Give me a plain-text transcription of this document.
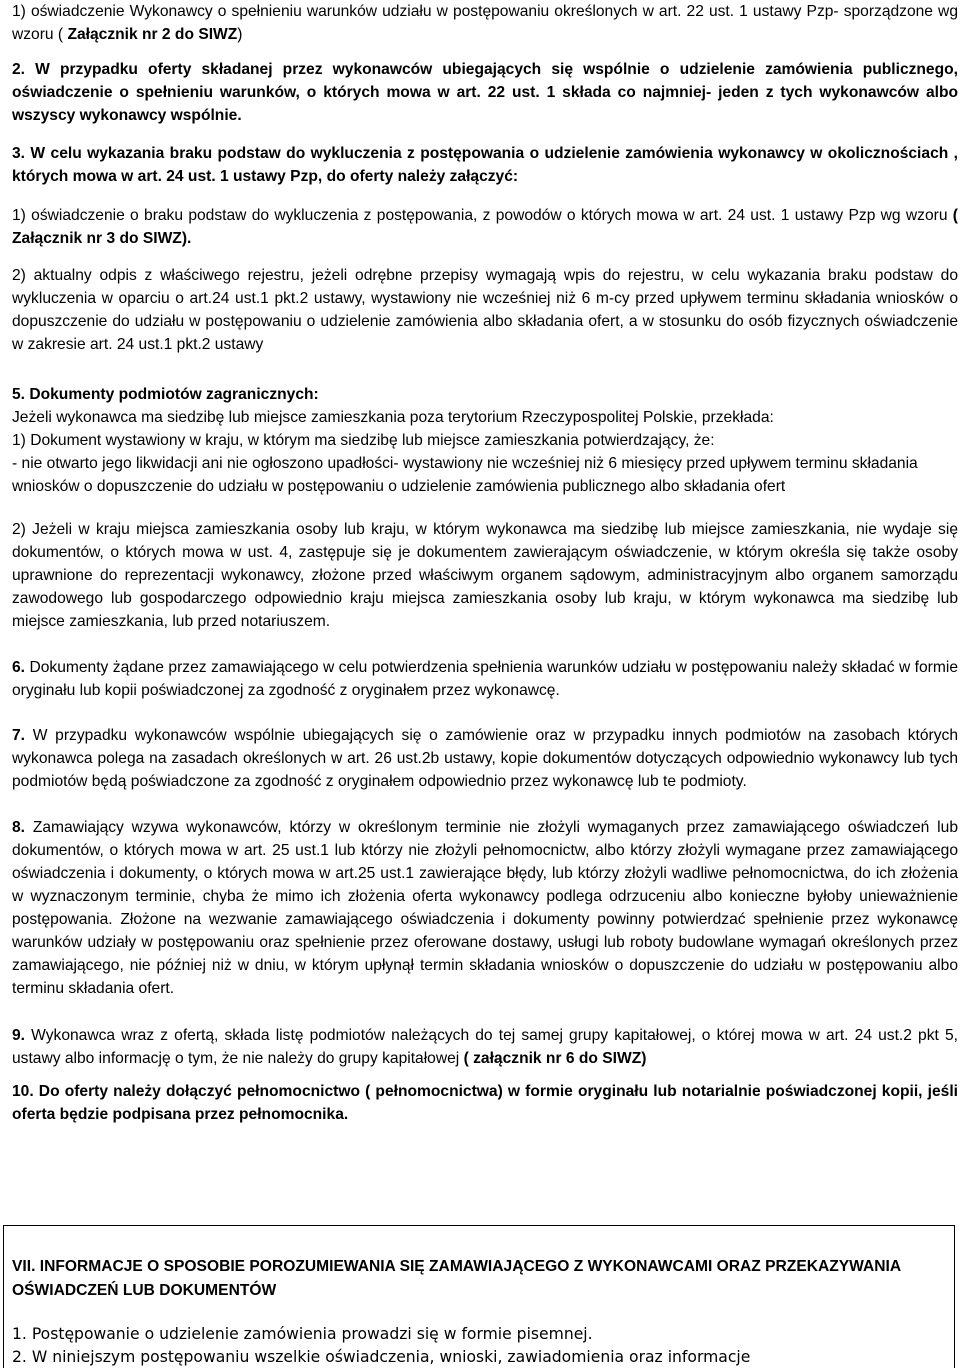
1) oświadczenie Wykonawcy o spełnieniu warunków udziału w postępowaniu określonych w art. 22 ust. 1 ustawy Pzp- sporządzone wg wzoru ( Załącznik nr 2 do SIWZ)

2. W przypadku oferty składanej przez wykonawców ubiegających się wspólnie o udzielenie zamówienia publicznego, oświadczenie o spełnieniu warunków, o których mowa w art. 22 ust. 1 składa co najmniej- jeden z tych wykonawców albo wszyscy wykonawcy wspólnie.

3. W celu wykazania braku podstaw do wykluczenia z postępowania o udzielenie zamówienia wykonawcy w okolicznościach , których mowa w art. 24 ust. 1 ustawy Pzp, do oferty należy załączyć:

1) oświadczenie o braku podstaw do wykluczenia z postępowania, z powodów o których mowa w art. 24 ust. 1 ustawy Pzp wg wzoru ( Załącznik nr 3 do SIWZ).

2) aktualny odpis z właściwego rejestru, jeżeli odrębne przepisy wymagają wpis do rejestru, w celu wykazania braku podstaw do wykluczenia w oparciu o art.24 ust.1 pkt.2 ustawy, wystawiony nie wcześniej niż 6 m-cy przed upływem terminu składania wniosków o dopuszczenie do udziału w postępowaniu o udzielenie zamówienia albo składania ofert, a w stosunku do osób fizycznych oświadczenie w zakresie art. 24 ust.1 pkt.2 ustawy

5. Dokumenty podmiotów zagranicznych:
Jeżeli wykonawca ma siedzibę lub miejsce zamieszkania poza terytorium Rzeczypospolitej Polskie, przekłada:
1) Dokument wystawiony w kraju, w którym ma siedzibę lub miejsce zamieszkania potwierdzający, że:
- nie otwarto jego likwidacji ani nie ogłoszono upadłości- wystawiony nie wcześniej niż 6 miesięcy przed upływem terminu składania wniosków o dopuszczenie do udziału w postępowaniu o udzielenie zamówienia publicznego albo składania ofert

2) Jeżeli w kraju miejsca zamieszkania osoby lub kraju, w którym wykonawca ma siedzibę lub miejsce zamieszkania, nie wydaje się dokumentów, o których mowa w ust. 4, zastępuje się je dokumentem zawierającym oświadczenie, w którym określa się także osoby uprawnione do reprezentacji wykonawcy, złożone przed właściwym organem sądowym, administracyjnym albo organem samorządu zawodowego lub gospodarczego odpowiednio kraju miejsca zamieszkania osoby lub kraju, w którym wykonawca ma siedzibę lub miejsce zamieszkania, lub przed notariuszem.

6. Dokumenty żądane przez zamawiającego w celu potwierdzenia spełnienia warunków udziału w postępowaniu należy składać w formie oryginału lub kopii poświadczonej za zgodność z oryginałem przez wykonawcę.

7. W przypadku wykonawców wspólnie ubiegających się o zamówienie oraz w przypadku innych podmiotów na zasobach których wykonawca polega na zasadach określonych w art. 26 ust.2b ustawy, kopie dokumentów dotyczących odpowiednio wykonawcy lub tych podmiotów będą poświadczone za zgodność z oryginałem odpowiednio przez wykonawcę lub te podmioty.

8. Zamawiający wzywa wykonawców, którzy w określonym terminie nie złożyli wymaganych przez zamawiającego oświadczeń lub dokumentów, o których mowa w art. 25 ust.1 lub którzy nie złożyli pełnomocnictw, albo którzy złożyli wymagane przez zamawiającego oświadczenia i dokumenty, o których mowa w art.25 ust.1 zawierające błędy, lub którzy złożyli wadliwe pełnomocnictwa, do ich złożenia w wyznaczonym terminie, chyba że mimo ich złożenia oferta wykonawcy podlega odrzuceniu albo konieczne byłoby unieważnienie postępowania. Złożone na wezwanie zamawiającego oświadczenia i dokumenty powinny potwierdzać spełnienie przez wykonawcę warunków udziały w postępowaniu oraz spełnienie przez oferowane dostawy, usługi lub roboty budowlane wymagań określonych przez zamawiającego, nie później niż w dniu, w którym upłynął termin składania wniosków o dopuszczenie do udziału w postępowaniu albo terminu składania ofert.

9. Wykonawca wraz z ofertą, składa listę podmiotów należących do tej samej grupy kapitałowej, o której mowa w art. 24 ust.2 pkt 5, ustawy albo informację o tym, że nie należy do grupy kapitałowej ( załącznik nr 6 do SIWZ)

10. Do oferty należy dołączyć pełnomocnictwo ( pełnomocnictwa) w formie oryginału lub notarialnie poświadczonej kopii, jeśli oferta będzie podpisana przez pełnomocnika.

VII. INFORMACJE O SPOSOBIE POROZUMIEWANIA SIĘ ZAMAWIAJĄCEGO Z WYKONAWCAMI ORAZ PRZEKAZYWANIA OŚWIADCZEŃ LUB DOKUMENTÓW

1. Postępowanie o udzielenie zamówienia prowadzi się w formie pisemnej.

2. W niniejszym postępowaniu wszelkie oświadczenia, wnioski, zawiadomienia oraz informacje
